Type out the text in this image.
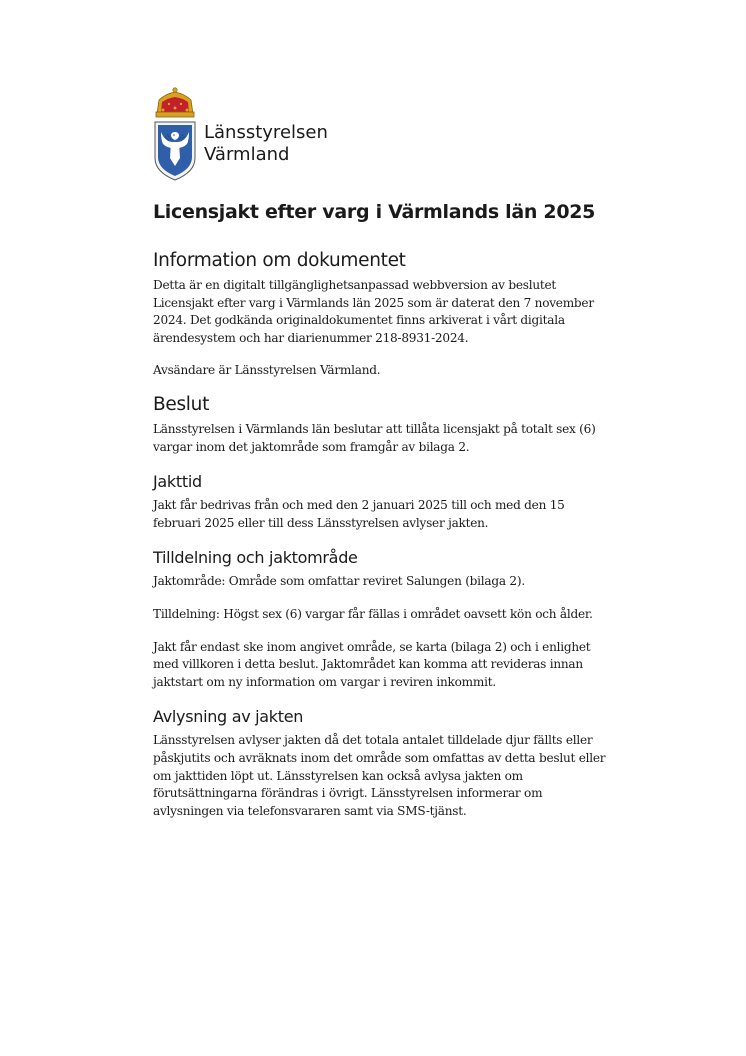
Länsstyrelsen
Värmland
Licensjakt efter varg i Värmlands län 2025
Information om dokumentet

Detta är en digitalt tillgänglighetsanpassad webbversion av beslutet Licensjakt efter varg i Värmlands län 2025 som är daterat den 7 november 2024. Det godkända originaldokumentet finns arkiverat i vårt digitala ärendesystem och har diarienummer 218-8931-2024.

Avsändare är Länsstyrelsen Värmland.

Beslut

Länsstyrelsen i Värmlands län beslutar att tillåta licensjakt på totalt sex (6) vargar inom det jaktområde som framgår av bilaga 2.

Jakttid

Jakt får bedrivas från och med den 2 januari 2025 till och med den 15 februari 2025 eller till dess Länsstyrelsen avlyser jakten.

Tilldelning och jaktområde

Jaktområde: Område som omfattar reviret Salungen (bilaga 2).

Tilldelning: Högst sex (6) vargar får fällas i området oavsett kön och ålder.

Jakt får endast ske inom angivet område, se karta (bilaga 2) och i enlighet med villkoren i detta beslut. Jaktområdet kan komma att revideras innan jaktstart om ny information om vargar i reviren inkommit.

Avlysning av jakten

Länsstyrelsen avlyser jakten då det totala antalet tilldelade djur fällts eller påskjutits och avräknats inom det område som omfattas av detta beslut eller om jakttiden löpt ut. Länsstyrelsen kan också avlysa jakten om förutsättningarna förändras i övrigt. Länsstyrelsen informerar om avlysningen via telefonsvararen samt via SMS-tjänst.
